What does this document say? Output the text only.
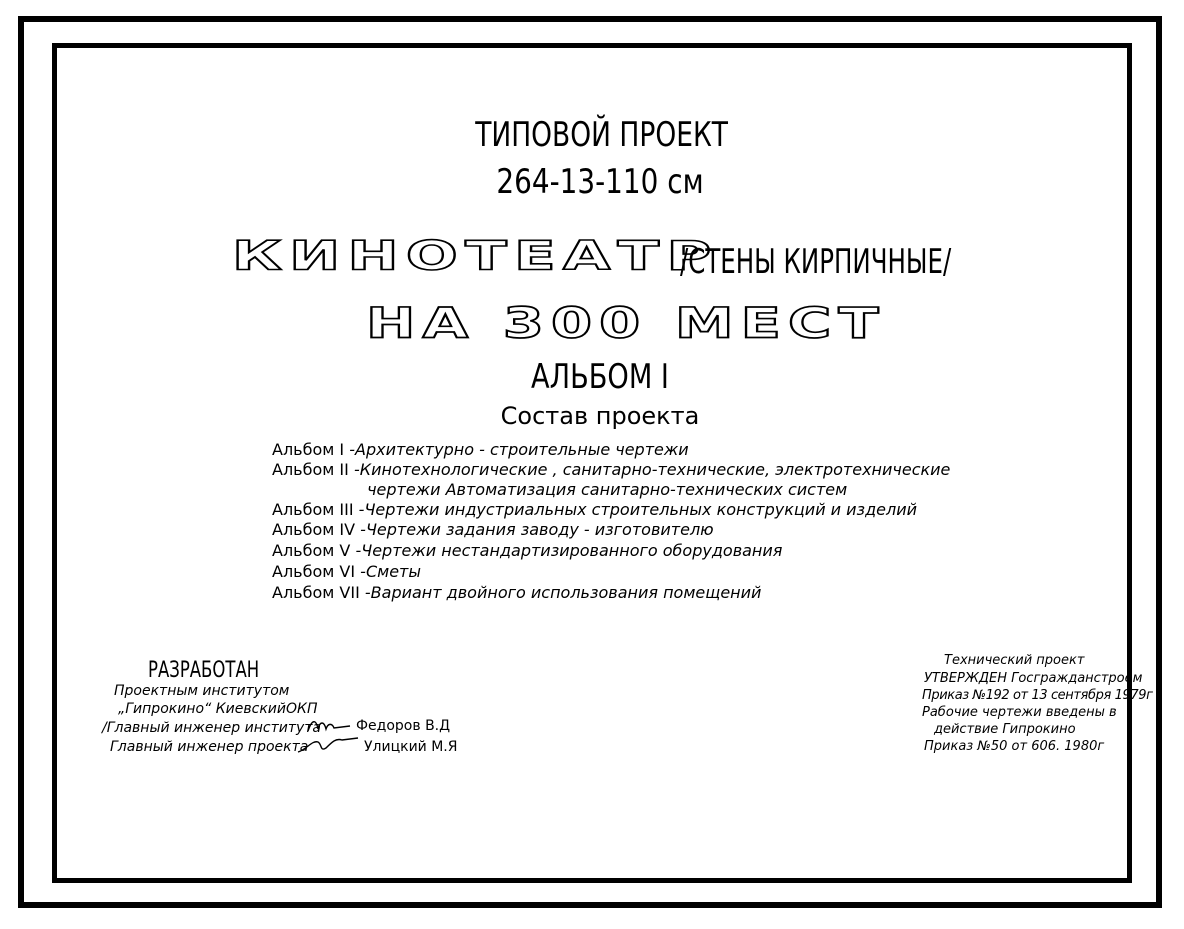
ТИПОВОЙ ПРОЕКТ
264-13-110 см
КИНОТЕАТР
/СТЕНЫ КИРПИЧНЫЕ/
НА 300 МЕСТ
АЛЬБОМ I
Состав проекта
Альбом I -Архитектурно - строительные чертежи
Альбом II -Кинотехнологические , санитарно-технические, электротехнические
чертежи Автоматизация санитарно-технических систем
Альбом III -Чертежи индустриальных строительных конструкций и изделий
Альбом IV -Чертежи задания заводу - изготовителю
Альбом V -Чертежи нестандартизированного оборудования
Альбом VI -Сметы
Альбом VII -Вариант двойного использования помещений
РАЗРАБОТАН
Проектным институтом
„Гипрокино“ КиевскийОКП
/Главный инженер института Федоров В.Д
Главный инженер проекта	Улицкий М.Я
Технический проект
УТВЕРЖДЕН Госгражданстроем
Приказ №192 от 13 сентября 1979г
Рабочие чертежи введены в
действие Гипрокино
Приказ №50 от 606. 1980г
